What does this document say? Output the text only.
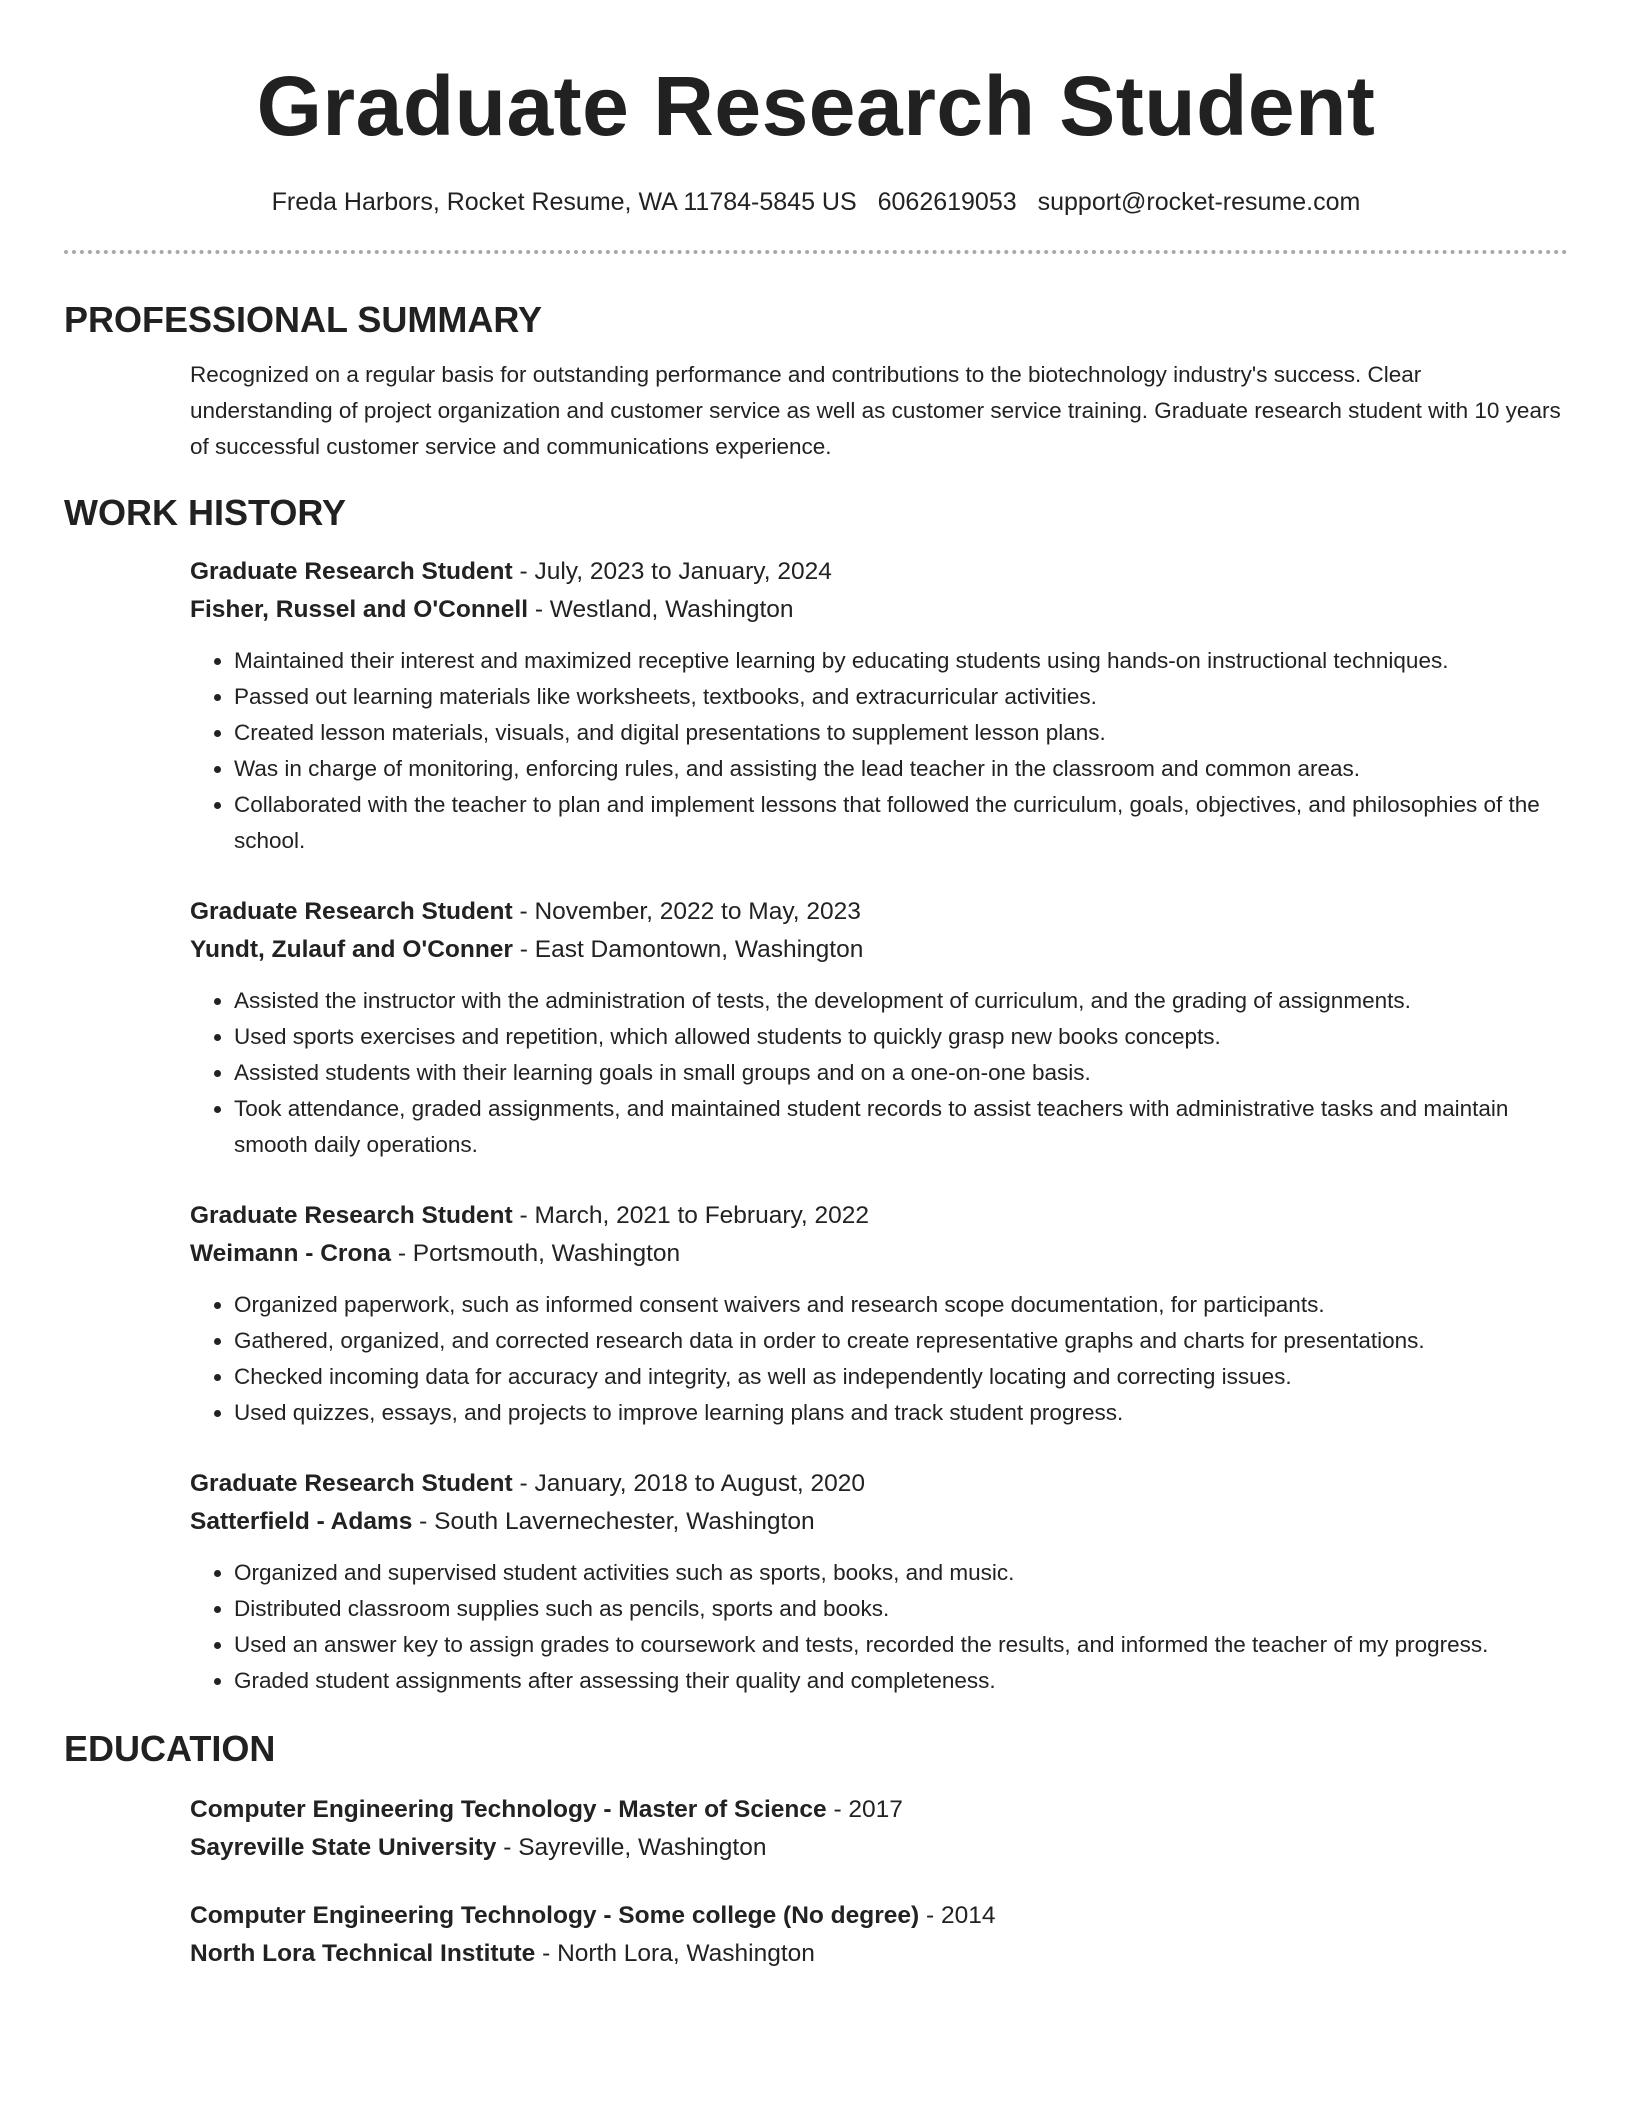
Graduate Research Student
Freda Harbors, Rocket Resume, WA 11784-5845 US 6062619053 support@rocket-resume.com
PROFESSIONAL SUMMARY
Recognized on a regular basis for outstanding performance and contributions to the biotechnology industry's success. Clear understanding of project organization and customer service as well as customer service training. Graduate research student with 10 years of successful customer service and communications experience.
WORK HISTORY
Graduate Research Student - July, 2023 to January, 2024
Fisher, Russel and O'Connell - Westland, Washington
• Maintained their interest and maximized receptive learning by educating students using hands-on instructional techniques.
• Passed out learning materials like worksheets, textbooks, and extracurricular activities.
• Created lesson materials, visuals, and digital presentations to supplement lesson plans.
• Was in charge of monitoring, enforcing rules, and assisting the lead teacher in the classroom and common areas.
• Collaborated with the teacher to plan and implement lessons that followed the curriculum, goals, objectives, and philosophies of the school.
Graduate Research Student - November, 2022 to May, 2023
Yundt, Zulauf and O'Conner - East Damontown, Washington
• Assisted the instructor with the administration of tests, the development of curriculum, and the grading of assignments.
• Used sports exercises and repetition, which allowed students to quickly grasp new books concepts.
• Assisted students with their learning goals in small groups and on a one-on-one basis.
• Took attendance, graded assignments, and maintained student records to assist teachers with administrative tasks and maintain smooth daily operations.
Graduate Research Student - March, 2021 to February, 2022
Weimann - Crona - Portsmouth, Washington
• Organized paperwork, such as informed consent waivers and research scope documentation, for participants.
• Gathered, organized, and corrected research data in order to create representative graphs and charts for presentations.
• Checked incoming data for accuracy and integrity, as well as independently locating and correcting issues.
• Used quizzes, essays, and projects to improve learning plans and track student progress.
Graduate Research Student - January, 2018 to August, 2020
Satterfield - Adams - South Lavernechester, Washington
• Organized and supervised student activities such as sports, books, and music.
• Distributed classroom supplies such as pencils, sports and books.
• Used an answer key to assign grades to coursework and tests, recorded the results, and informed the teacher of my progress.
• Graded student assignments after assessing their quality and completeness.
EDUCATION
Computer Engineering Technology - Master of Science - 2017
Sayreville State University - Sayreville, Washington
Computer Engineering Technology - Some college (No degree) - 2014
North Lora Technical Institute - North Lora, Washington
